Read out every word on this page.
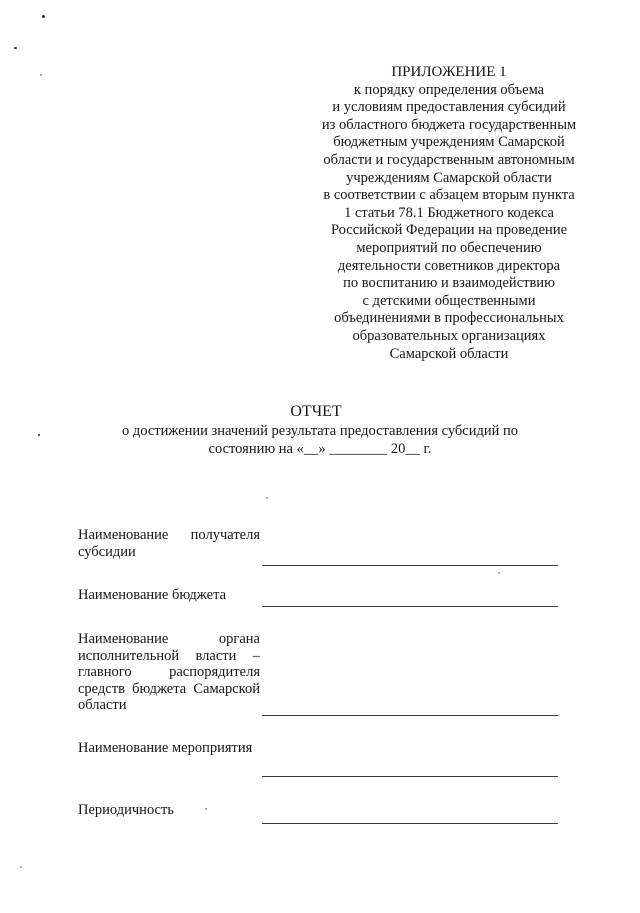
ПРИЛОЖЕНИЕ 1
к порядку определения объема
и условиям предоставления субсидий
из областного бюджета государственным
бюджетным учреждениям Самарской
области и государственным автономным
учреждениям Самарской области
в соответствии с абзацем вторым пункта
1 статьи 78.1 Бюджетного кодекса
Российской Федерации на проведение
мероприятий по обеспечению
деятельности советников директора
по воспитанию и взаимодействию
с детскими общественными
объединениями в профессиональных
образовательных организациях
Самарской области
ОТЧЕТ
о достижении значений результата предоставления субсидий по
состоянию на «__» ________ 20__ г.
Наименование получателя субсидии
Наименование бюджета
Наименование органа исполнительной власти – главного распорядителя средств бюджета Самарской области
Наименование мероприятия
Периодичность
